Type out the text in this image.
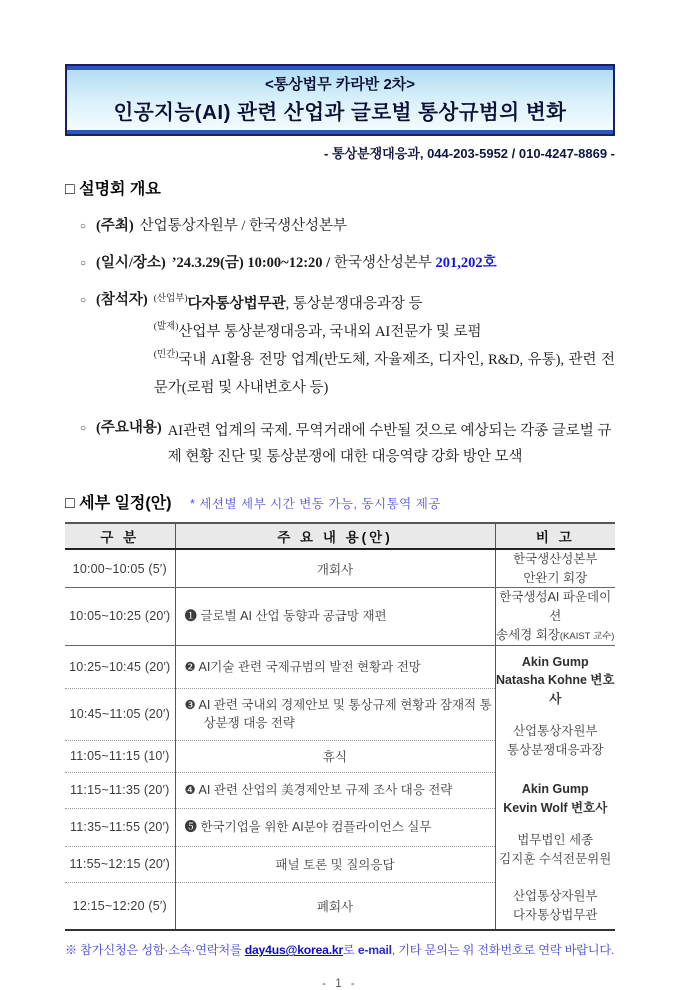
<통상법무 카라반 2차>
인공지능(AI) 관련 산업과 글로벌 통상규범의 변화
- 통상분쟁대응과, 044-203-5952 / 010-4247-8869 -
□ 설명회 개요
○ (주최) 산업통상자원부 / 한국생산성본부
○ (일시/장소) ’24.3.29(금) 10:00~12:20 / 한국생산성본부 201,202호
○ (참석자) $^{(산업부)}$다자통상법무관, 통상분쟁대응과장 등
$^{(발제)}$산업부 통상분쟁대응과, 국내외 AI전문가 및 로펌
$^{(민간)}$국내 AI활용 전망 업계(반도체, 자율제조, 디자인, R&D, 유통), 관련 전문가(로펌 및 사내변호사 등)
○ (주요내용) AI관련 업계의 국제. 무역거래에 수반될 것으로 예상되는 각종 글로벌 규제 현황 진단 및 통상분쟁에 대한 대응역량 강화 방안 모색
□ 세부 일정(안) * 세션별 세부 시간 변동 가능, 동시통역 제공
구 분	주 요 내 용(안)	비 고
10:00~10:05 (5′)	개회사	한국생산성본부
안완기 회장

10:05~10:25 (20′)	❶ 글로벌 AI 산업 동향과 공급망 재편	한국생성AI 파운데이션
송세경 회장(KAIST 교수)

10:25~10:45 (20′)	❷ AI기술 관련 국제규범의 발전 현황과 전망	Akin Gump
Natasha Kohne 변호사
산업통상자원부
통상분쟁대응과장

10:45~11:05 (20′)	❸ AI 관련 국내외 경제안보 및 통상규제 현황과 잠재적 통상분쟁 대응 전략	
11:05~11:15 (10′)	휴식	
11:15~11:35 (20′)	❹ AI 관련 산업의 美경제안보 규제 조사 대응 전략	Akin Gump
Kevin Wolf 변호사
법무법인 세종
김지훈 수석전문위원

11:35~11:55 (20′)	❺ 한국기업을 위한 AI분야 컴플라이언스 실무	
11:55~12:15 (20′)	패널 토론 및 질의응답	
12:15~12:20 (5′)	폐회사	산업통상자원부
다자통상법무관
※ 참가신청은 성함·소속·연락처를 day4us@korea.kr로 e-mail, 기타 문의는 위 전화번호로 연락 바랍니다.
- 1 -
